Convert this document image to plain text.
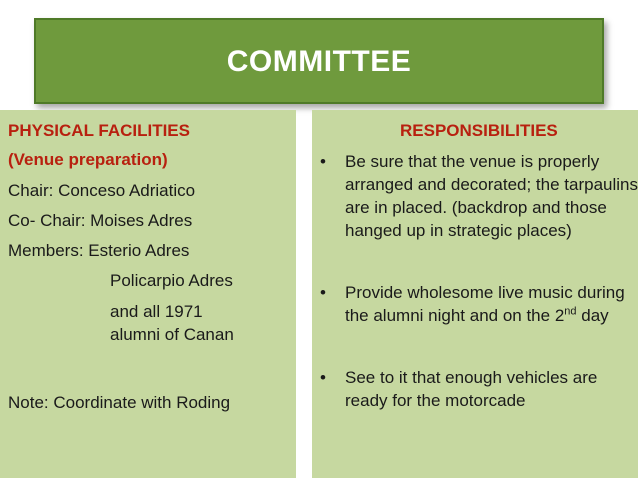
COMMITTEE
PHYSICAL FACILITIES
(Venue preparation)
Chair: Conceso Adriatico
Co- Chair: Moises Adres
Members: Esterio Adres
Policarpio Adres
and all 1971
alumni of Canan
Note: Coordinate with Roding
RESPONSIBILITIES
• Be sure that the venue is properly arranged and decorated; the tarpaulins are in placed. (backdrop and those hanged up in strategic places)
• Provide wholesome live music during the alumni night and on the 2nd day
• See to it that enough vehicles are ready for the motorcade
